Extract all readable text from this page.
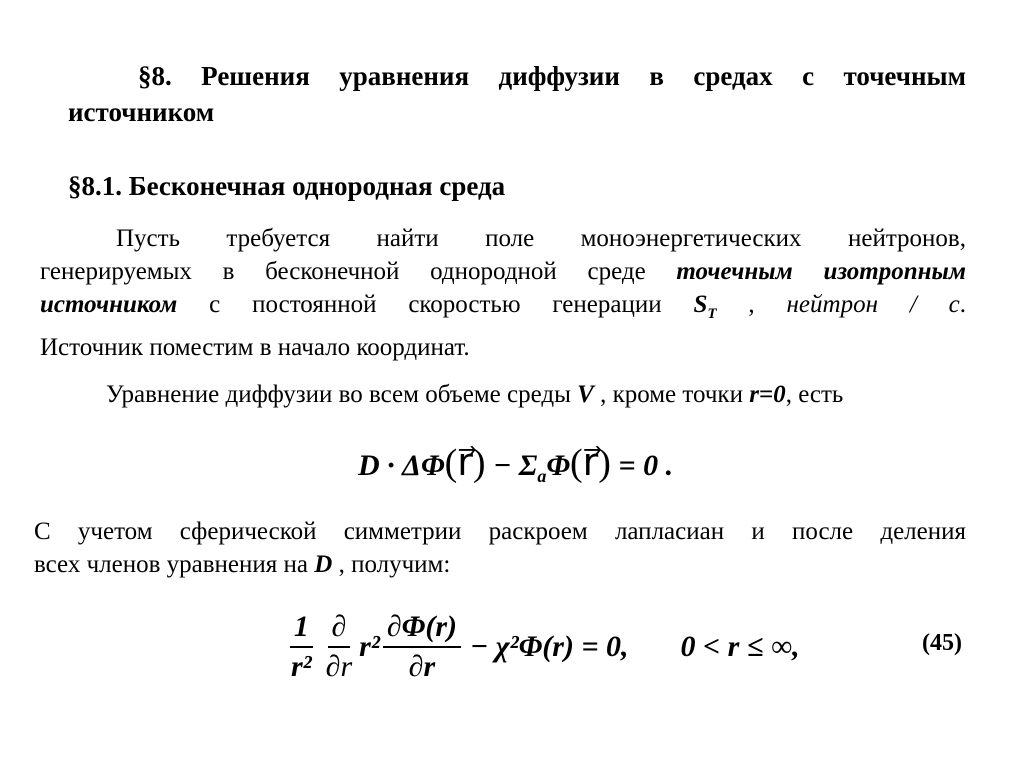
§8. Решения уравнения диффузии в средах с точечным
источником
§8.1. Бесконечная однородная среда
Пусть требуется найти поле моноэнергетических нейтронов,
генерируемых в бесконечной однородной среде точечным изотропным
источником с постоянной скоростью генерации $S_T$ , нейтрон / с.
Источник поместим в начало координат.
Уравнение диффузии во всем объеме среды V , кроме точки r=0, есть
D · ΔΦ(r⃗) − $\Sigma_a\Phi(r⃗) = 0$ .
С учетом сферической симметрии раскроем лапласиан и после деления
всех членов уравнения на D , получим:
$\frac{1}{\text{r²}} \frac{\partial}{\partial r} r^2 \frac{\partial\Phi(r)}{\partial r} - \chi^2\Phi(r) = 0$, 0 < r ≤ ∞,	(45)
